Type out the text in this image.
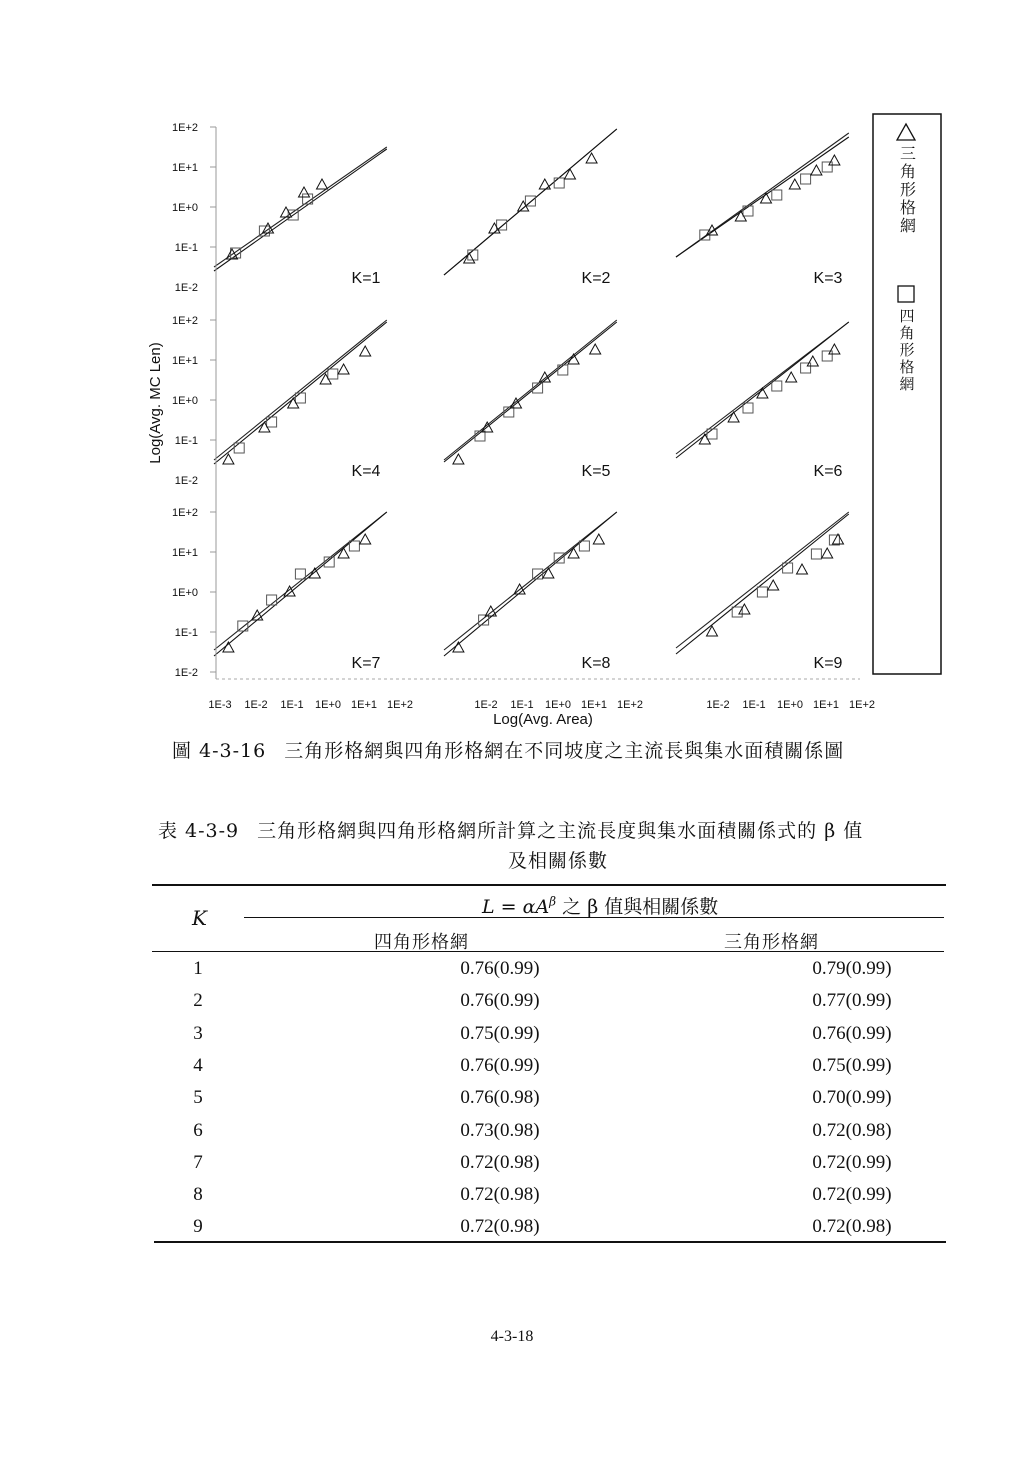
K=1	K=2	K=3
K=4	K=5	K=6
K=7	K=8	K=9
1E+2
1E+1
1E+0
1E-1
1E+2
1E+1
1E+0
1E-1
1E+2
1E+1
1E+0
1E-1
1E-2
1E-2
1E-2
1E-3 1E-2 1E-1 1E+0 1E+1 1E+2	1E-2 1E-1 1E+0 1E+1 1E+2	1E-2 1E-1 1E+0 1E+1 1E+2
Log(Avg. MC Len)
Log(Avg. Area)
三角形格網
四角形格網
圖 4-3-16 三角形格網與四角形格網在不同坡度之主流長與集水面積關係圖
表 4-3-9 三角形格網與四角形格網所計算之主流長度與集水面積關係式的 β 值
及相關係數
K	$L = \alpha A^\beta$ 之 β 值與相關係數
四角形格網	三角形格網
1	0.76(0.99)	0.79(0.99)
2	0.76(0.99)	0.77(0.99)
3	0.75(0.99)	0.76(0.99)
4	0.76(0.99)	0.75(0.99)
5	0.76(0.98)	0.70(0.99)
6	0.73(0.98)	0.72(0.98)
7	0.72(0.98)	0.72(0.99)
8	0.72(0.98)	0.72(0.99)
9	0.72(0.98)	0.72(0.98)
4-3-18
